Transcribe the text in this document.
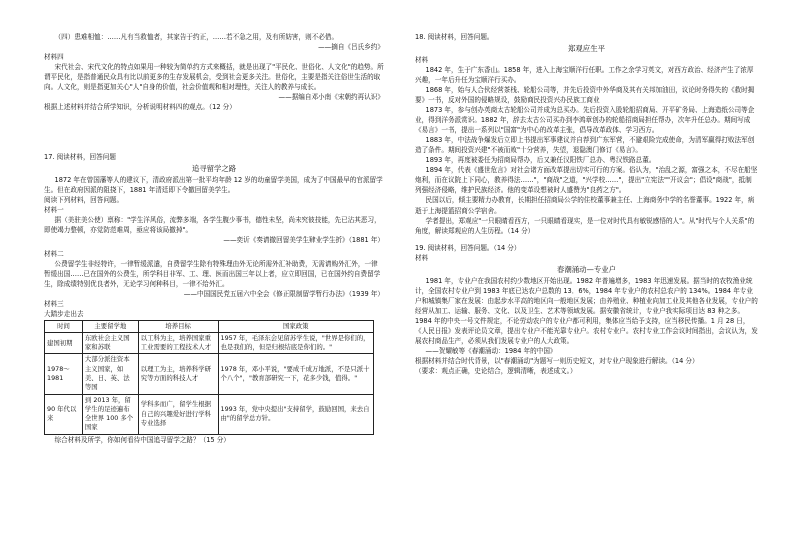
（四）患难相恤：……凡有当救恤者，其家告于约正，……若不急之用，及有所妨害，则不必借。

——摘自《吕氏乡约》

材料四

宋代社会、宋代文化的特点如果用一种较为简单约方式来概括，就是出现了"平民化、世俗化、人文化"的趋势。所谓平民化，是指普通民众具有比以前更多的生存发展机会，受到社会更多关注。世俗化，主要是指关注俗世生活的取向。人文化，则是指更加关心"人"自身的价值，社会价值观和相对理性，关注人的教养与成长。

——据编自邓小南《宋朝约再认识》

根据上述材料并结合所学知识，分析说明材料四的观点。（12 分）

17. 阅读材料，回答问题

追寻留学之路

1872 年在曾国藩等人的建议下，清政府派出第一批平均年龄 12 岁的幼童留学美国，成为了中国最早的官派留学生。但在政府因派的阻挠下，1881 年清廷即下令撤回留美学生。

阅读下列材料，回答问题。

材料一

据（美驻美公使）禀称："学生洋风俗，流弊多端，各学生腹少事书，德性未坚，尚未究彼技能，先已沾其恶习，即使竭力整顿，亦觉防范难周，亟应将该局撤掉"。

——奕䜣《奏请撤回留美学生肄业学生折》（1881 年）

材料二

公费留学生非经特许，一律暂缓派遣，自费留学生除有特殊理由外无论所需外汇补助费，无需请购外汇外，一律暂缓出国……已在国外的公费生，所学科目非军、工、理、医而出国三年以上者，应立即回国，已在国外约自费留学生，除成绩特别优良者外，无论学习何种科目，一律不给外汇。

——中国国民党五届六中全会《修正限制留学暂行办法》（1939 年）

材料三

大踏步走出去

时间	主要留学地	培养目标	国家政策
建国初期	东欧社会主义国家和苏联	以工科为主，培养国家重工业需要的工程技术人才	1957 年，毛泽东会见留苏学生说，"世界是你们的，也是我们的，但是归根结底是你们的。"
1978～1981	大部分派往资本主义国家，如美、日、英、法等国	以理工为主，培养科学研究等方面的科技人才	1978 年，邓小平说，"要成千成万地派，不是只派十个八个"，"教育部研究一下，花多少钱，值得。"
90 年代以来	到 2013 年，留学生的足迹遍布全世界 100 多个国家	学科多而广，留学生根据自己的兴趣爱好进行学科专业选择	1993 年，党中央提出"支持留学，鼓励回国，来去自由"的留学总方针。

综合材料及所学，你如何看待中国追寻留学之路？（15 分）

18. 阅读材料，回答问题。

郑观应生平

材料

1842 年，生于广东香山。1858 年，进入上海宝顺洋行任职。工作之余学习英文，对西方政治、经济产生了浓厚兴趣，一年后升任为宝顺洋行买办。

1868 年，始与人合伙经营茶栈、轮船公司等，并先后投资中外华商及其有关邦加油田，议论时务得失的《救时揭要》一书，反对外国的侵略规设，鼓励商民投资兴办民族工商业

1873 年，参与创办英商太古轮船公司并成为总买办。先后投资入股轮船招商局、开平矿务局、上海造纸公司等企业，得到洋务派赏识。1882 年，辞去太古公司买办到李鸿章创办的轮船招商局担任帮办，次年升任总办。期间写成《易言》一书，提出一系列以"国富"为中心的改革主张，倡导改革政体、学习西方。

1883 年，中法战争爆发后立即上书提出军事建议并自荐到广东军营，不避艰险完成使命，为清军赢得打败法军创造了条件。期间投资兴建"不被而败"十分营养，失望，退隐澳门修订《易言》。

1893 年，再度被委任为招商局帮办，后又兼任汉阳铁厂总办、粤汉铁路总董。

1894 年，代表《盛世危言》对社会诸方面改革提出切实可行的方案。俗认为，"治乱之源，富强之本，不尽在船坚炮利，而在议院上下同心，教养得法……"，"商战"之道，"兴学校……"，提出"立宪法""开议会"；倡设"商战"，抵制列强经济侵略，维护民族经济。他的变革设想被时人盛赞为"良药之方"。

民国以后，倾主要精力办教育，长期担任招商局公学的住校董事兼主任、上海商务中学的名誉董事。1922 年，病逝于上海提篮招商公学宿舍。

学者提出，郑观应"一只眼睛看西方，一只眼睛看现实，是一位对时代具有敏锐感悟的人"。从"时代与个人关系"的角度，解读郑观应的人生历程。（14 分）

19. 阅读材料，回答问题。（14 分）

材料

春潮涌动—专业户

1981 年，专业户在我国农村约少数地区开始出现。1982 年普遍增多，1983 年迅速发展。据当时的农牧渔业统计，全国农村专业户到 1983 年底已达农户总数的 13．6%，1984 年专业户的农村总农户的 134%。1984 年专业户和城镇集厂家在发展：由起步水平高的地区向一般地区发展；由养殖业、种植业向加工业及其他各业发展，专业户的经营从加工、运输、服务、文化、以及卫生、艺术等领域发展。据安徽省统计，专业户我实际项目达 83 种之多。1984 年的中央一号文件规定，不论劳动农户的专业户都可利用，集体应当给予支持，应当移民传播。1 月 28 日，《人民日报》发表评论员文章，提出专业户不能光靠专业户。农村专业户。农村专业工作会议时间指出，会议认为，发展农村商品生产，必须从我们发展专业户的人大政策。

——贺耀敏等《春潮涌动：1984 年的中国》

根据材料并结合时代背景，以"春潮涌动"为题写一则历史短文，对专业户现象进行解读。（14 分）

（要求：观点正确，史论结合，逻辑清晰，表述成文。）
